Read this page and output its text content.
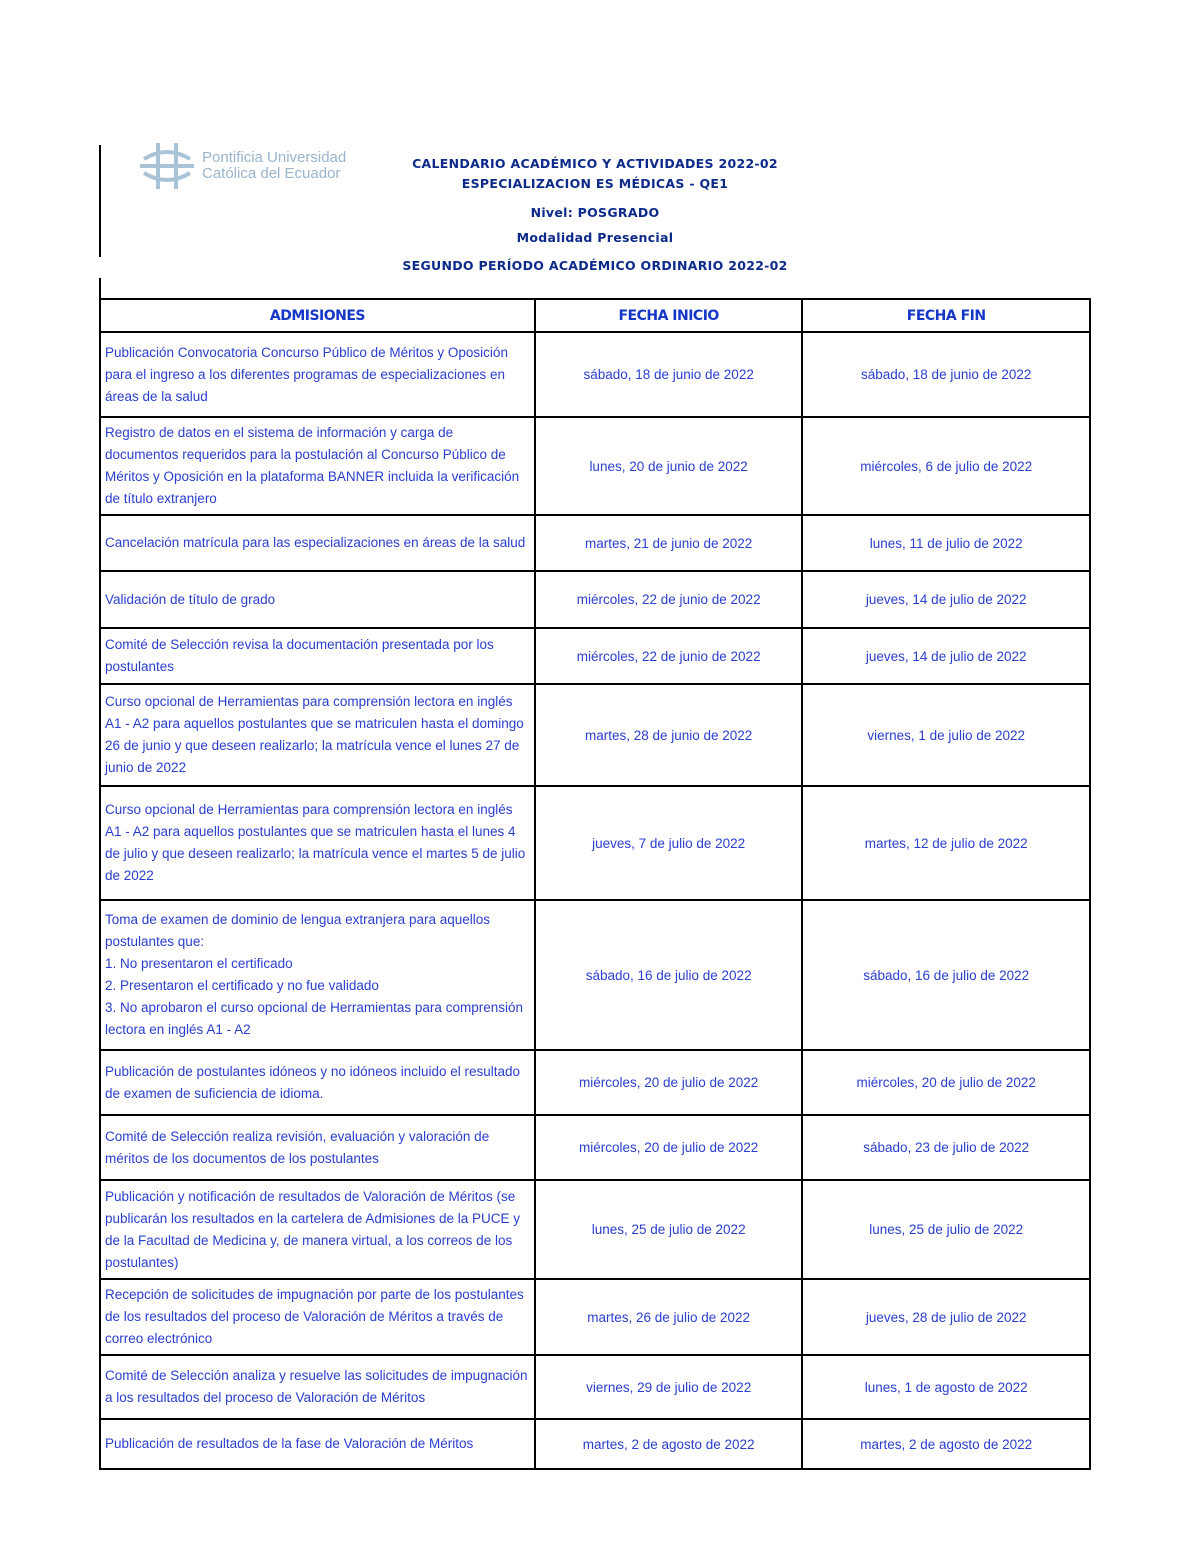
Pontificia Universidad
Católica del Ecuador
CALENDARIO ACADÉMICO Y ACTIVIDADES 2022-02
ESPECIALIZACION ES MÉDICAS - QE1
Nivel: POSGRADO
Modalidad Presencial
SEGUNDO PERÍODO ACADÉMICO ORDINARIO 2022-02
ADMISIONES	FECHA INICIO	FECHA FIN
Publicación Convocatoria Concurso Público de Méritos y Oposición para el ingreso a los diferentes programas de especializaciones en áreas de la salud	sábado, 18 de junio de 2022	sábado, 18 de junio de 2022
Registro de datos en el sistema de información y carga de documentos requeridos para la postulación al Concurso Público de Méritos y Oposición en la plataforma BANNER incluida la verificación de título extranjero	lunes, 20 de junio de 2022	miércoles, 6 de julio de 2022
Cancelación matrícula para las especializaciones en áreas de la salud	martes, 21 de junio de 2022	lunes, 11 de julio de 2022
Validación de título de grado	miércoles, 22 de junio de 2022	jueves, 14 de julio de 2022
Comité de Selección revisa la documentación presentada por los postulantes	miércoles, 22 de junio de 2022	jueves, 14 de julio de 2022
Curso opcional de Herramientas para comprensión lectora en inglés A1 - A2 para aquellos postulantes que se matriculen hasta el domingo 26 de junio y que deseen realizarlo; la matrícula vence el lunes 27 de junio de 2022	martes, 28 de junio de 2022	viernes, 1 de julio de 2022
Curso opcional de Herramientas para comprensión lectora en inglés A1 - A2 para aquellos postulantes que se matriculen hasta el lunes 4 de julio y que deseen realizarlo; la matrícula vence el martes 5 de julio de 2022	jueves, 7 de julio de 2022	martes, 12 de julio de 2022
Toma de examen de dominio de lengua extranjera para aquellos postulantes que:
1. No presentaron el certificado
2. Presentaron el certificado y no fue validado
3. No aprobaron el curso opcional de Herramientas para comprensión lectora en inglés A1 - A2	sábado, 16 de julio de 2022	sábado, 16 de julio de 2022
Publicación de postulantes idóneos y no idóneos incluido el resultado de examen de suficiencia de idioma.	miércoles, 20 de julio de 2022	miércoles, 20 de julio de 2022
Comité de Selección realiza revisión, evaluación y valoración de méritos de los documentos de los postulantes	miércoles, 20 de julio de 2022	sábado, 23 de julio de 2022
Publicación y notificación de resultados de Valoración de Méritos (se publicarán los resultados en la cartelera de Admisiones de la PUCE y de la Facultad de Medicina y, de manera virtual, a los correos de los postulantes)	lunes, 25 de julio de 2022	lunes, 25 de julio de 2022
Recepción de solicitudes de impugnación por parte de los postulantes de los resultados del proceso de Valoración de Méritos a través de correo electrónico	martes, 26 de julio de 2022	jueves, 28 de julio de 2022
Comité de Selección analiza y resuelve las solicitudes de impugnación a los resultados del proceso de Valoración de Méritos	viernes, 29 de julio de 2022	lunes, 1 de agosto de 2022
Publicación de resultados de la fase de Valoración de Méritos	martes, 2 de agosto de 2022	martes, 2 de agosto de 2022
